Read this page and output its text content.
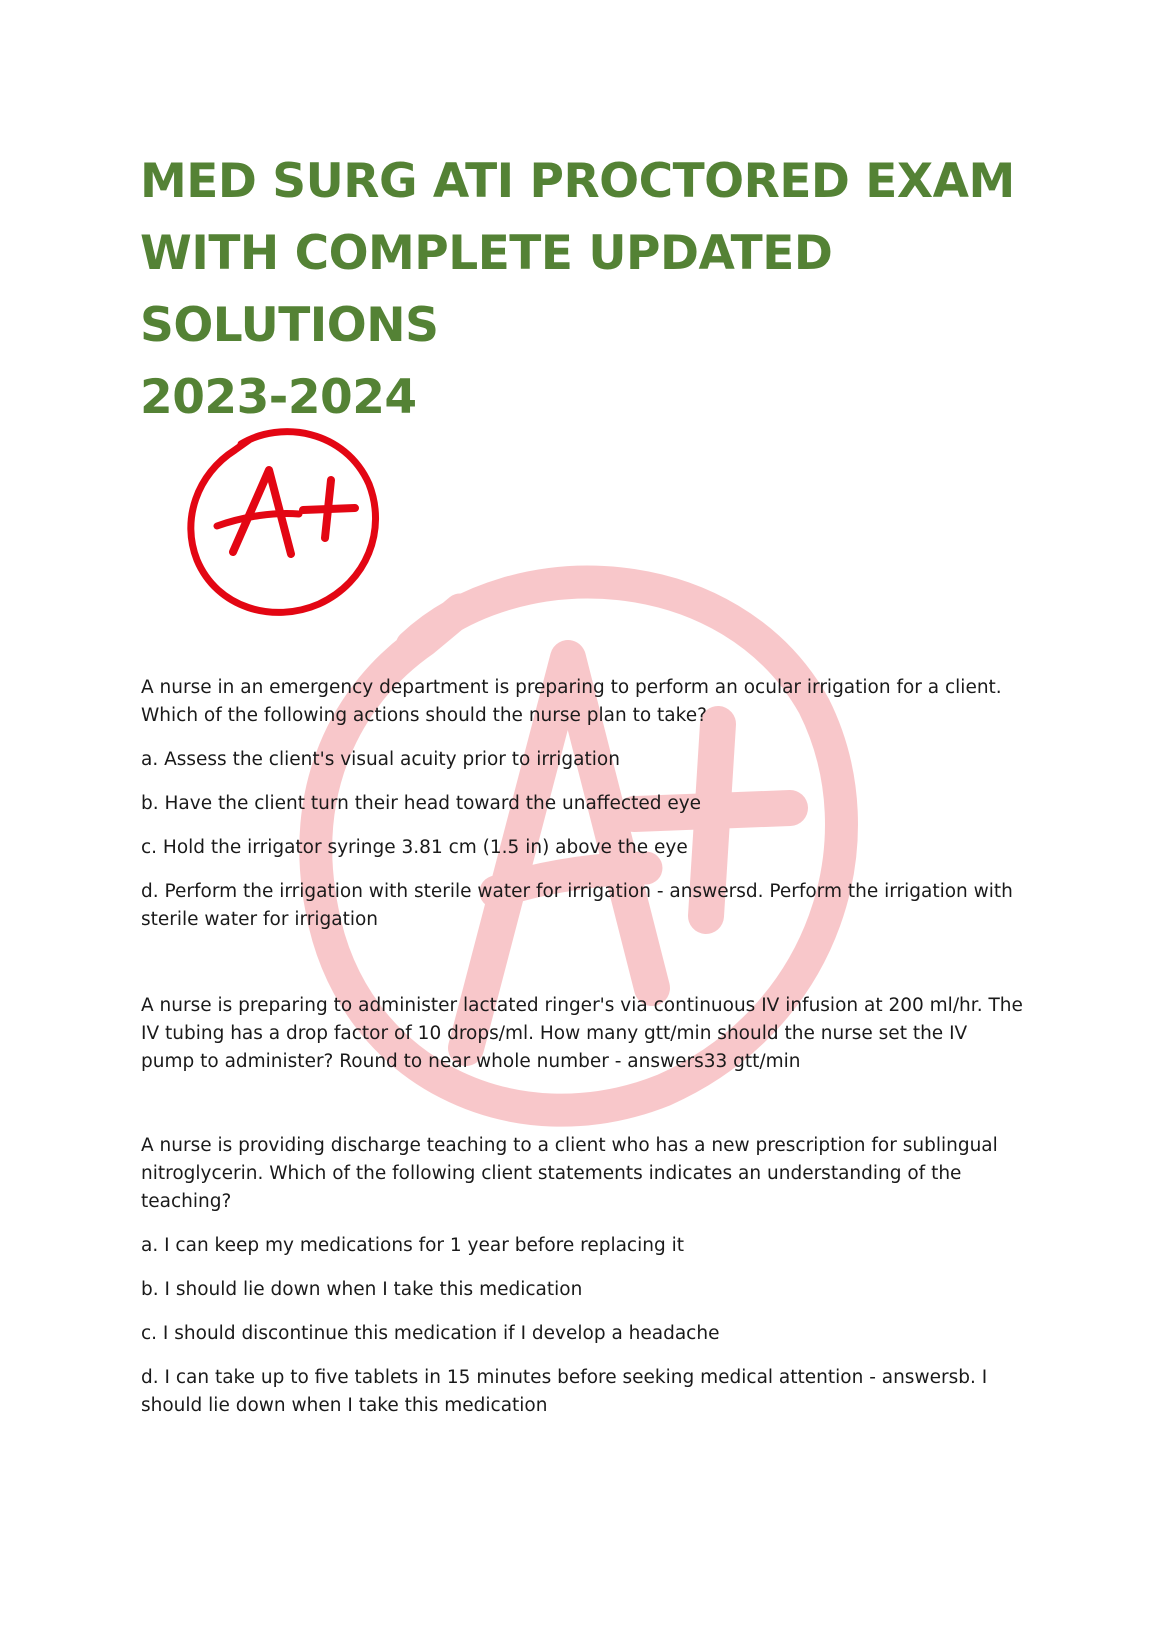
MED SURG ATI PROCTORED EXAM
WITH COMPLETE UPDATED SOLUTIONS
2023-2024

A nurse in an emergency department is preparing to perform an ocular irrigation for a client. Which of the following actions should the nurse plan to take?

a. Assess the client's visual acuity prior to irrigation

b. Have the client turn their head toward the unaffected eye

c. Hold the irrigator syringe 3.81 cm (1.5 in) above the eye

d. Perform the irrigation with sterile water for irrigation - answersd. Perform the irrigation with sterile water for irrigation

A nurse is preparing to administer lactated ringer's via continuous IV infusion at 200 ml/hr. The IV tubing has a drop factor of 10 drops/ml. How many gtt/min should the nurse set the IV pump to administer? Round to near whole number - answers33 gtt/min

A nurse is providing discharge teaching to a client who has a new prescription for sublingual nitroglycerin. Which of the following client statements indicates an understanding of the teaching?

a. I can keep my medications for 1 year before replacing it

b. I should lie down when I take this medication

c. I should discontinue this medication if I develop a headache

d. I can take up to five tablets in 15 minutes before seeking medical attention - answersb. I should lie down when I take this medication
